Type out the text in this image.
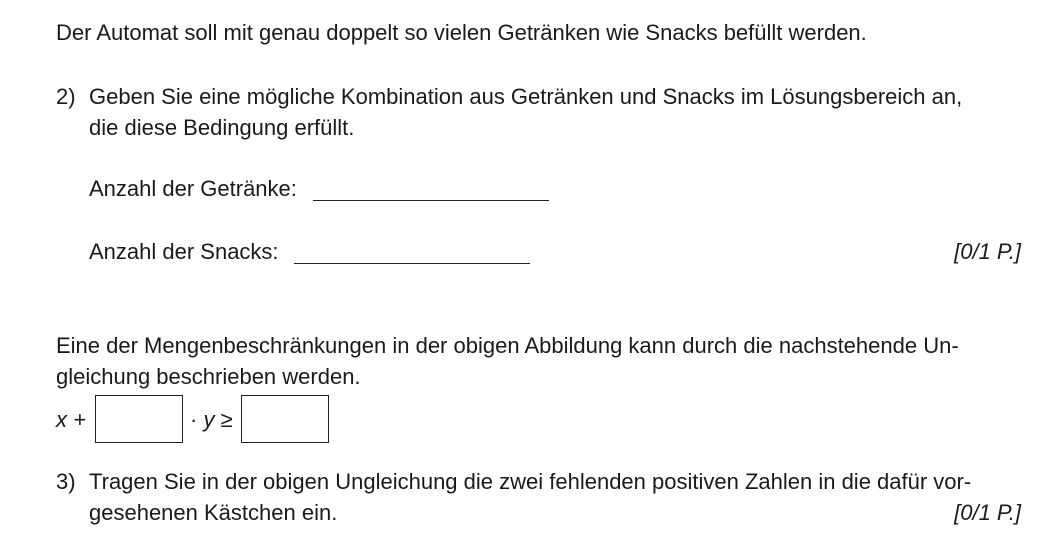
Der Automat soll mit genau doppelt so vielen Getränken wie Snacks befüllt werden.
2) Geben Sie eine mögliche Kombination aus Getränken und Snacks im Lösungsbereich an,
die diese Bedingung erfüllt.
Anzahl der Getränke:
Anzahl der Snacks:	[0/1 P.]
Eine der Mengenbeschränkungen in der obigen Abbildung kann durch die nachstehende Un-
gleichung beschrieben werden.
x +	· y ≥
3) Tragen Sie in der obigen Ungleichung die zwei fehlenden positiven Zahlen in die dafür vor-
gesehenen Kästchen ein.	[0/1 P.]
